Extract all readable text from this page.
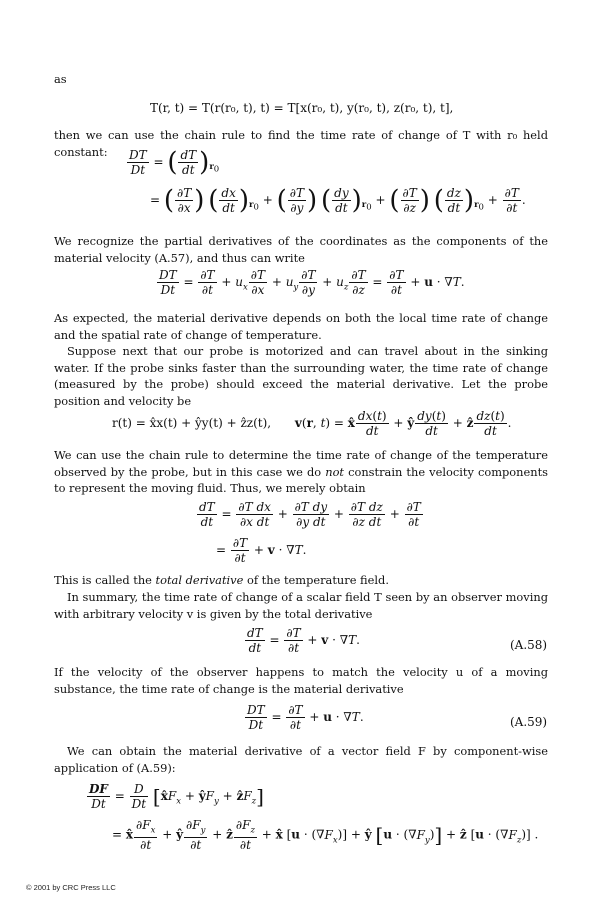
as

T(r, t) = T(r(r₀, t), t) = T[x(r₀, t), y(r₀, t), z(r₀, t), t],

then we can use the chain rule to find the time rate of change of T with r₀ held constant:	$\frac{DT}{Dt}$ = ( $\frac{dT}{dt} )_{r_0}$
= ( $\frac{\partial T}{\partial x}$ ) ( $\frac{dx}{dt} )_{r_0}$ + ( $\frac{\partial T}{\partial y}$ ) ( $\frac{dy}{dt} )_{r_0}$ + ( $\frac{\partial T}{\partial z}$ ) ( $\frac{dz}{dt} )_{r_0} + \frac{\partial T}{\partial t}$ .

We recognize the partial derivatives of the coordinates as the components of the material velocity (A.57), and thus can write

$\frac{DT}{Dt} = \frac{\partial T}{\partial t} + u_x \frac{\partial T}{\partial x} + u_y \frac{\partial T}{\partial y} + u_z \frac{\partial T}{\partial z} = \frac{\partial T}{\partial t} + u \cdot \nabla T$.

As expected, the material derivative depends on both the local time rate of change and the spatial rate of change of temperature.

Suppose next that our probe is motorized and can travel about in the sinking water. If the probe sinks faster than the surrounding water, the time rate of change (measured by the probe) should exceed the material derivative. Let the probe position and velocity be

r(t) = x̂x(t) + ŷy(t) + ẑz(t), v(r, t) = x̂ $\frac{dx(t)}{dt}$ + ŷ $\frac{dy(t)}{dt}$ + ẑ $\frac{dz(t)}{dt}$ .

We can use the chain rule to determine the time rate of change of the temperature observed by the probe, but in this case we do not constrain the velocity components to represent the moving fluid. Thus, we merely obtain

$\frac{dT}{dt} = \frac{\text{∂T dx}}{\text{∂x dt}} + \frac{\text{∂T dy}}{\text{∂y dt}} + \frac{\text{∂T dz}}{\text{∂z dt}} + \frac{\partial T}{\partial t}$
= $\frac{\partial T}{\partial t} + v \cdot \nabla T$.

This is called the total derivative of the temperature field.

In summary, the time rate of change of a scalar field T seen by an observer moving with arbitrary velocity v is given by the total derivative

$\frac{dT}{dt} = \frac{\partial T}{\partial t} + v \cdot \nabla T$.	(A.58)

If the velocity of the observer happens to match the velocity u of a moving substance, the time rate of change is the material derivative

$\frac{DT}{Dt} = \frac{\partial T}{\partial t} + u \cdot \nabla T$.	(A.59)

We can obtain the material derivative of a vector field F by component-wise application of (A.59):

$\frac{DF}{Dt} = \frac{D}{Dt}$ [$x̂F_x$ + $ŷF_y$ + ẑF$_z$]
= x̂ $\frac{\partial F_x}{\partial t}$ + ŷ $\frac{\partial F_y}{\partial t}$ + ẑ $\frac{\partial F_z}{\partial t}$ + x̂ $[u \cdot (\nabla F_x)]$ + ŷ $[u \cdot (\nabla F_y)]$ + ẑ $[u \cdot (\nabla F_z)]$ .
© 2001 by CRC Press LLC
